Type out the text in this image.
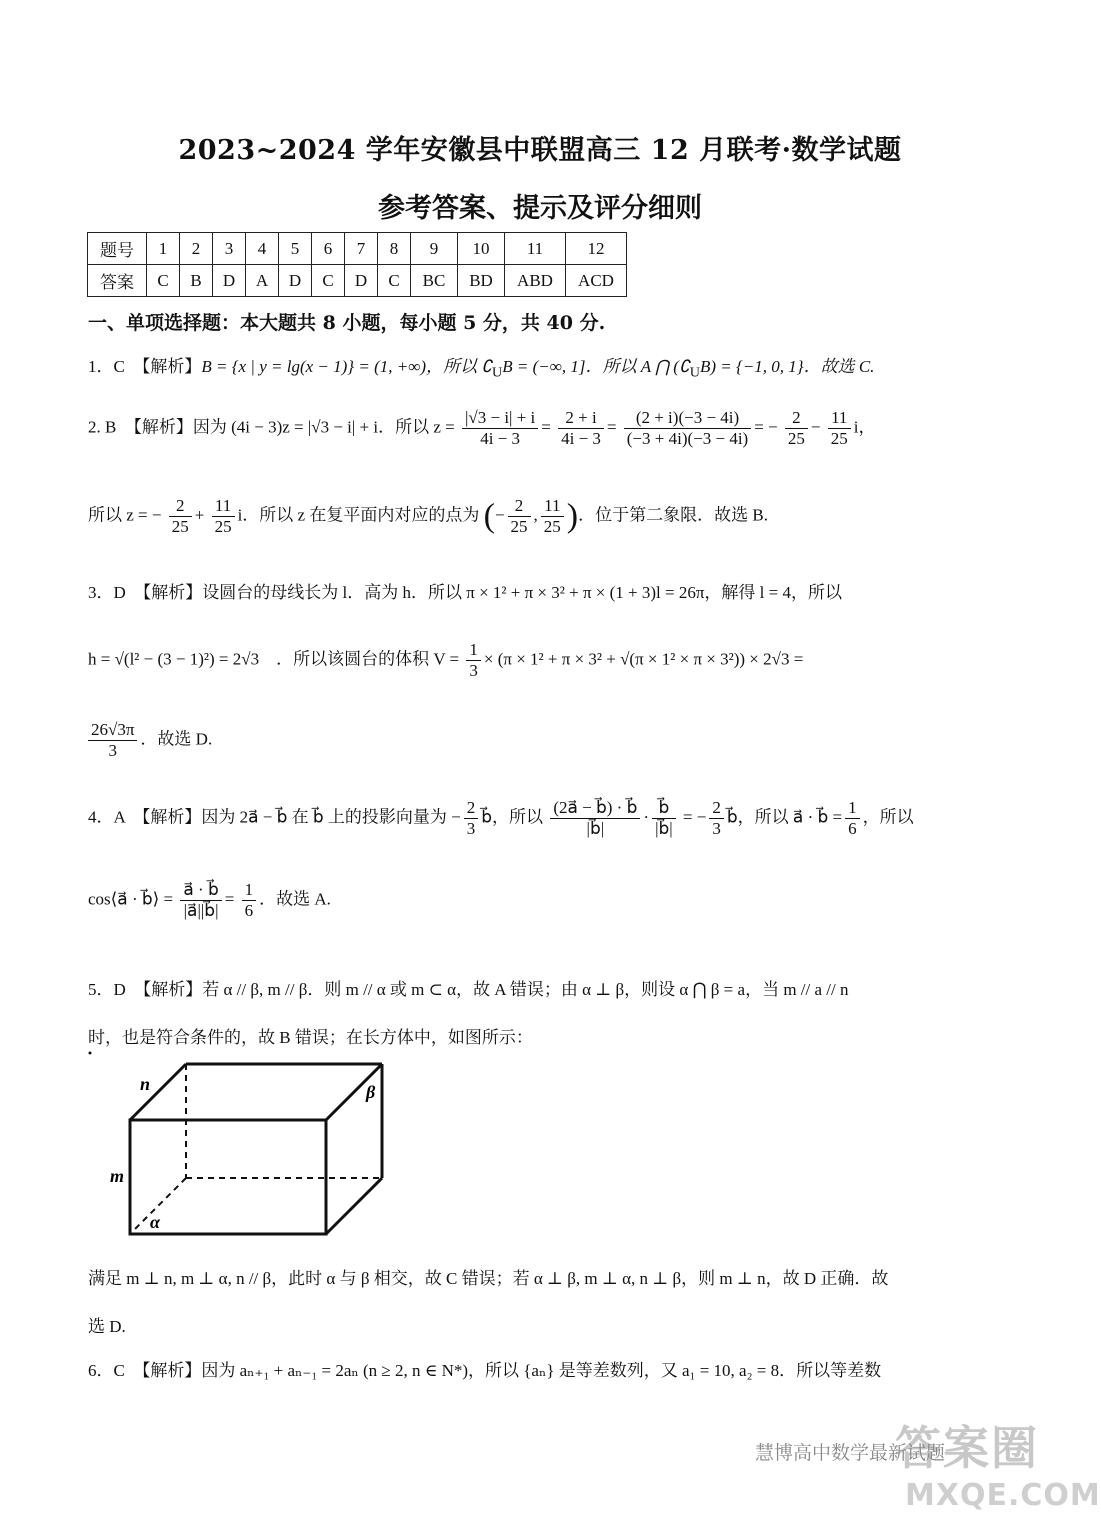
2023~2024 学年安徽县中联盟高三 12 月联考·数学试题
参考答案、提示及评分细则
题号	1	2	3	4	5	6	7	8	9	10	11	12
答案	C	B	D	A	D	C	D	C	BC	BD	ABD	ACD
一、单项选择题：本大题共 8 小题，每小题 5 分，共 40 分.
1．C　【解析】B = {x | y = lg(x − 1)} = (1, +∞)，所以 $∁_UB$ = (−∞, 1]．所以 A ⋂ $(∁_UB) = \{-1$, 0, 1}．故选 C.
2. B　【解析】因为 (4i − 3)z = |√3 − i| + i．所以 $z = \frac{|√3 - i| + i}{4i - 3} = \frac{2 + i}{4i - 3} = \frac{(2 + i)(-3 - 4i)}{(-3 + 4i)(-3 - 4i)}$ = − $\frac{2}{25} - \frac{11}{25}$ i，
所以 z = − $\frac{2}{25} + \frac{11}{25}$ i．所以 z 在复平面内对应的点为 (− $\frac{2}{25}$ , $\frac{11}{25}$ )．位于第二象限．故选 B.
3．D　【解析】设圆台的母线长为 l．高为 h．所以 π × 1² + π × 3² + π × (1 + 3)l = 26π，解得 l = 4，所以
h = √(l² − (3 − 1)²) = 2√3　．所以该圆台的体积 $V = \frac{1}{3} \times (\pi \times 1^2 + \pi \times 3^2 + √(\pi \times 1^2 \times \pi \times 3^2)) \times 2√3$ =
$\frac{26√3\pi}{3}$ ．故选 D.
4．A　【解析】因为 2a⃗ − b⃗ 在 b⃗ 上的投影向量为 − $\frac{2}{3}$ b⃗，所以 $\frac{(2a⃗ - b⃗) \cdot b⃗}{|b⃗|} \cdot \frac{b⃗}{|b⃗|}$ = − $\frac{2}{3}$ b⃗，所以 a⃗ · b⃗ = $\frac{1}{6}$ ，所以
cos⟨a⃗ · b⃗⟩ = $\frac{a⃗ \cdot b⃗}{|a⃗||b⃗|} = \frac{1}{6}$ ．故选 A.
5．D　【解析】若 α // β, m // β．则 m // α 或 m ⊂ α，故 A 错误；由 α ⊥ β，则设 α ⋂ β = a，当 m // a // n
时，也是符合条件的，故 B 错误；在长方体中，如图所示：
n	β
m
α
满足 m ⊥ n, m ⊥ α, n // β，此时 α 与 β 相交，故 C 错误；若 α ⊥ β, m ⊥ α, n ⊥ β，则 m ⊥ n，故 D 正确．故
选 D.
6．C　【解析】因为 aₙ₊₁ + aₙ₋₁ = 2aₙ (n ≥ 2, n ∈ N*)，所以 {aₙ} 是等差数列，又 a₁ = 10, a₂ = 8．所以等差数
答案圈
慧博高中数学最新试题
MXQE.COM
